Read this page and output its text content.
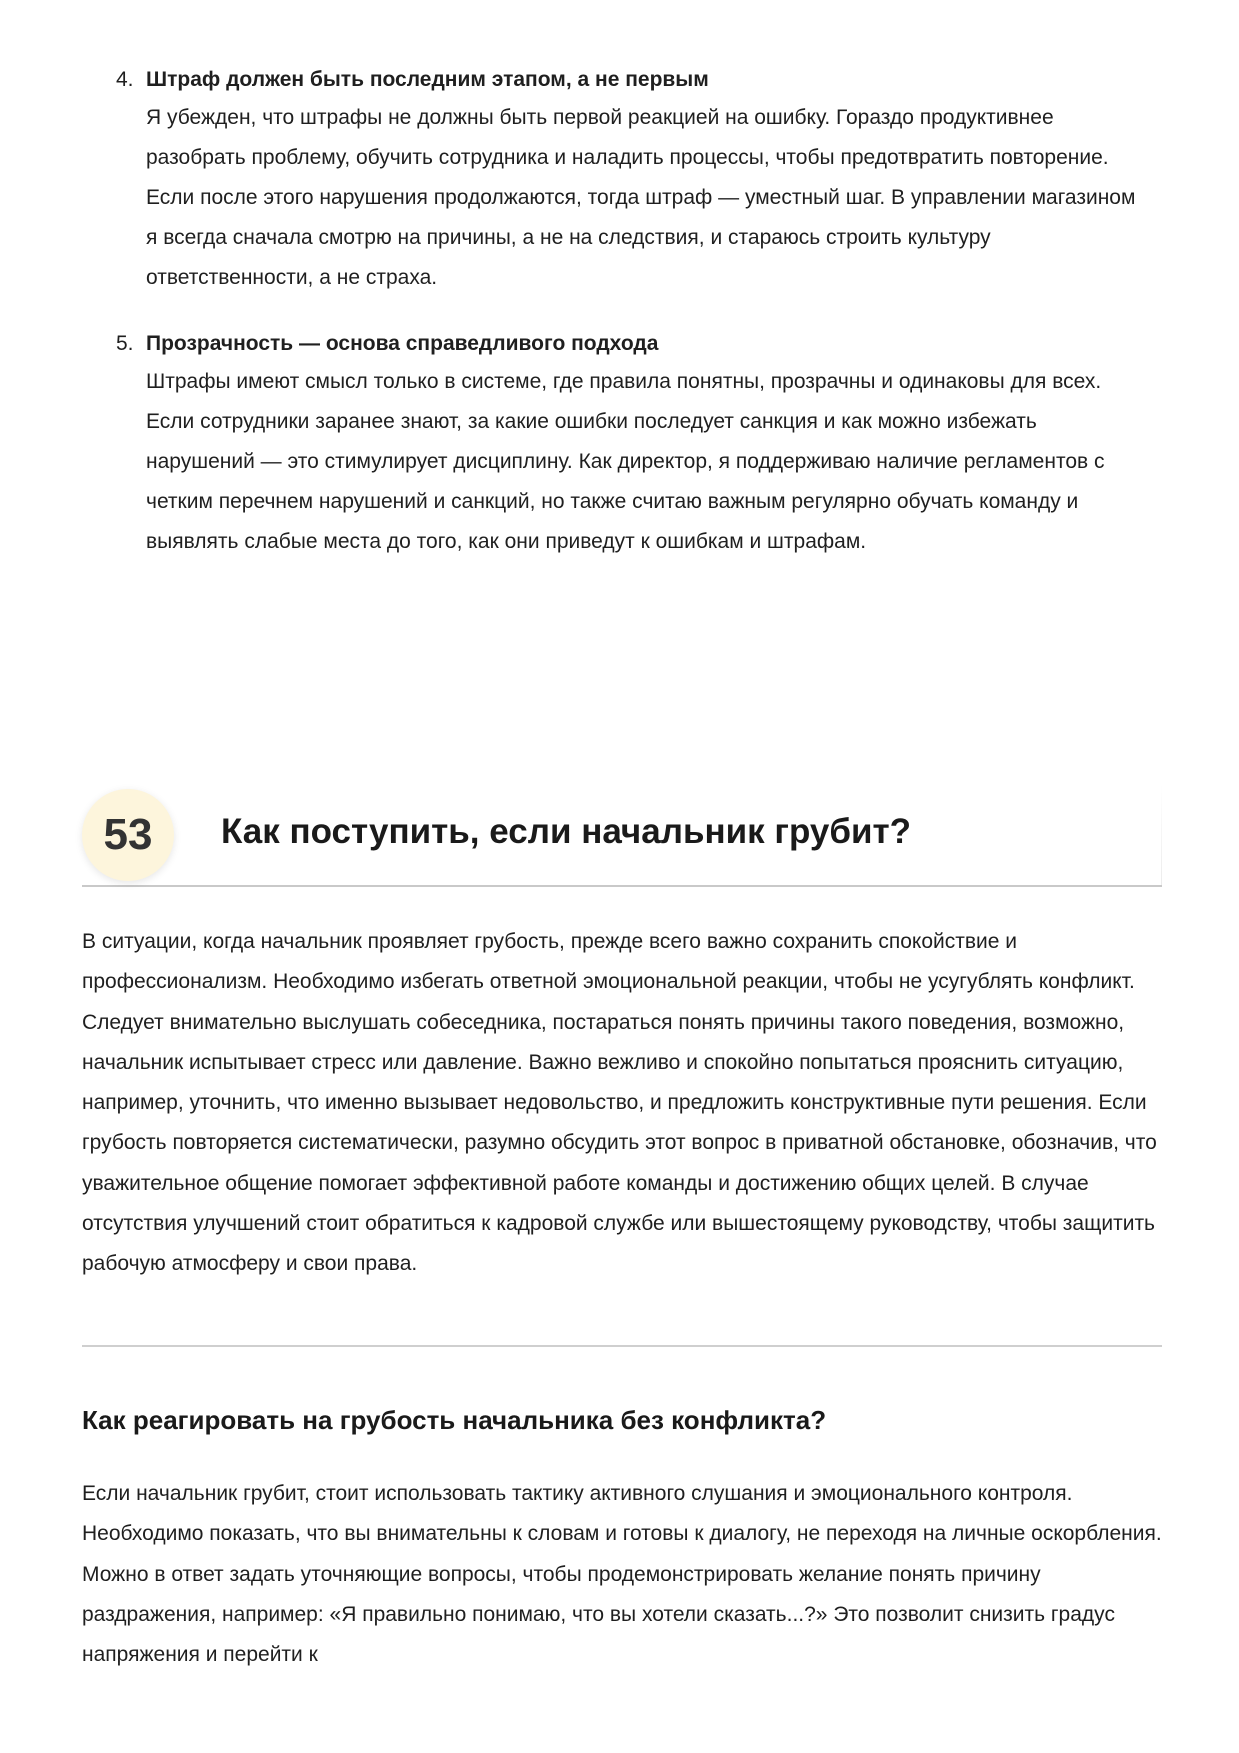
4. Штраф должен быть последним этапом, а не первым

Я убежден, что штрафы не должны быть первой реакцией на ошибку. Гораздо продуктивнее разобрать проблему, обучить сотрудника и наладить процессы, чтобы предотвратить повторение. Если после этого нарушения продолжаются, тогда штраф — уместный шаг. В управлении магазином я всегда сначала смотрю на причины, а не на следствия, и стараюсь строить культуру ответственности, а не страха.

5. Прозрачность — основа справедливого подхода

Штрафы имеют смысл только в системе, где правила понятны, прозрачны и одинаковы для всех. Если сотрудники заранее знают, за какие ошибки последует санкция и как можно избежать нарушений — это стимулирует дисциплину. Как директор, я поддерживаю наличие регламентов с четким перечнем нарушений и санкций, но также считаю важным регулярно обучать команду и выявлять слабые места до того, как они приведут к ошибкам и штрафам.

53	Как поступить, если начальник грубит?

В ситуации, когда начальник проявляет грубость, прежде всего важно сохранить спокойствие и профессионализм. Необходимо избегать ответной эмоциональной реакции, чтобы не усугублять конфликт. Следует внимательно выслушать собеседника, постараться понять причины такого поведения, возможно, начальник испытывает стресс или давление. Важно вежливо и спокойно попытаться прояснить ситуацию, например, уточнить, что именно вызывает недовольство, и предложить конструктивные пути решения. Если грубость повторяется систематически, разумно обсудить этот вопрос в приватной обстановке, обозначив, что уважительное общение помогает эффективной работе команды и достижению общих целей. В случае отсутствия улучшений стоит обратиться к кадровой службе или вышестоящему руководству, чтобы защитить рабочую атмосферу и свои права.

Как реагировать на грубость начальника без конфликта?

Если начальник грубит, стоит использовать тактику активного слушания и эмоционального контроля. Необходимо показать, что вы внимательны к словам и готовы к диалогу, не переходя на личные оскорбления. Можно в ответ задать уточняющие вопросы, чтобы продемонстрировать желание понять причину раздражения, например: «Я правильно понимаю, что вы хотели сказать...?» Это позволит снизить градус напряжения и перейти к
